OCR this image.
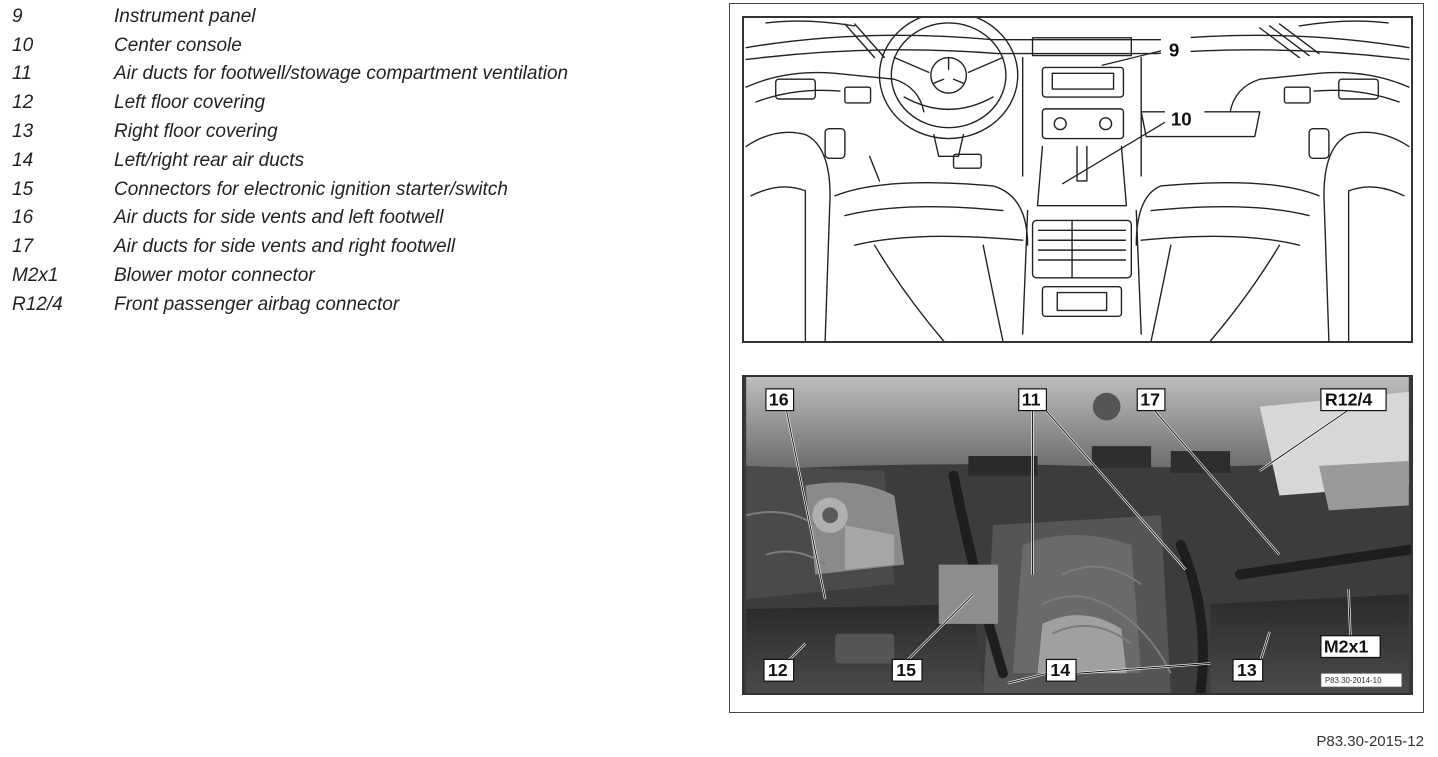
9	Instrument panel
10	Center console
11	Air ducts for footwell/stowage compartment ventilation
12	Left floor covering
13	Right floor covering
14	Left/right rear air ducts
15	Connectors for electronic ignition starter/switch
16	Air ducts for side vents and left footwell
17	Air ducts for side vents and right footwell
M2x1	Blower motor connector
R12/4	Front passenger airbag connector
9
10
16	11	17	R12/4
12	15	14	13
M2x1
P83.30-2014-10
P83.30-2015-12
